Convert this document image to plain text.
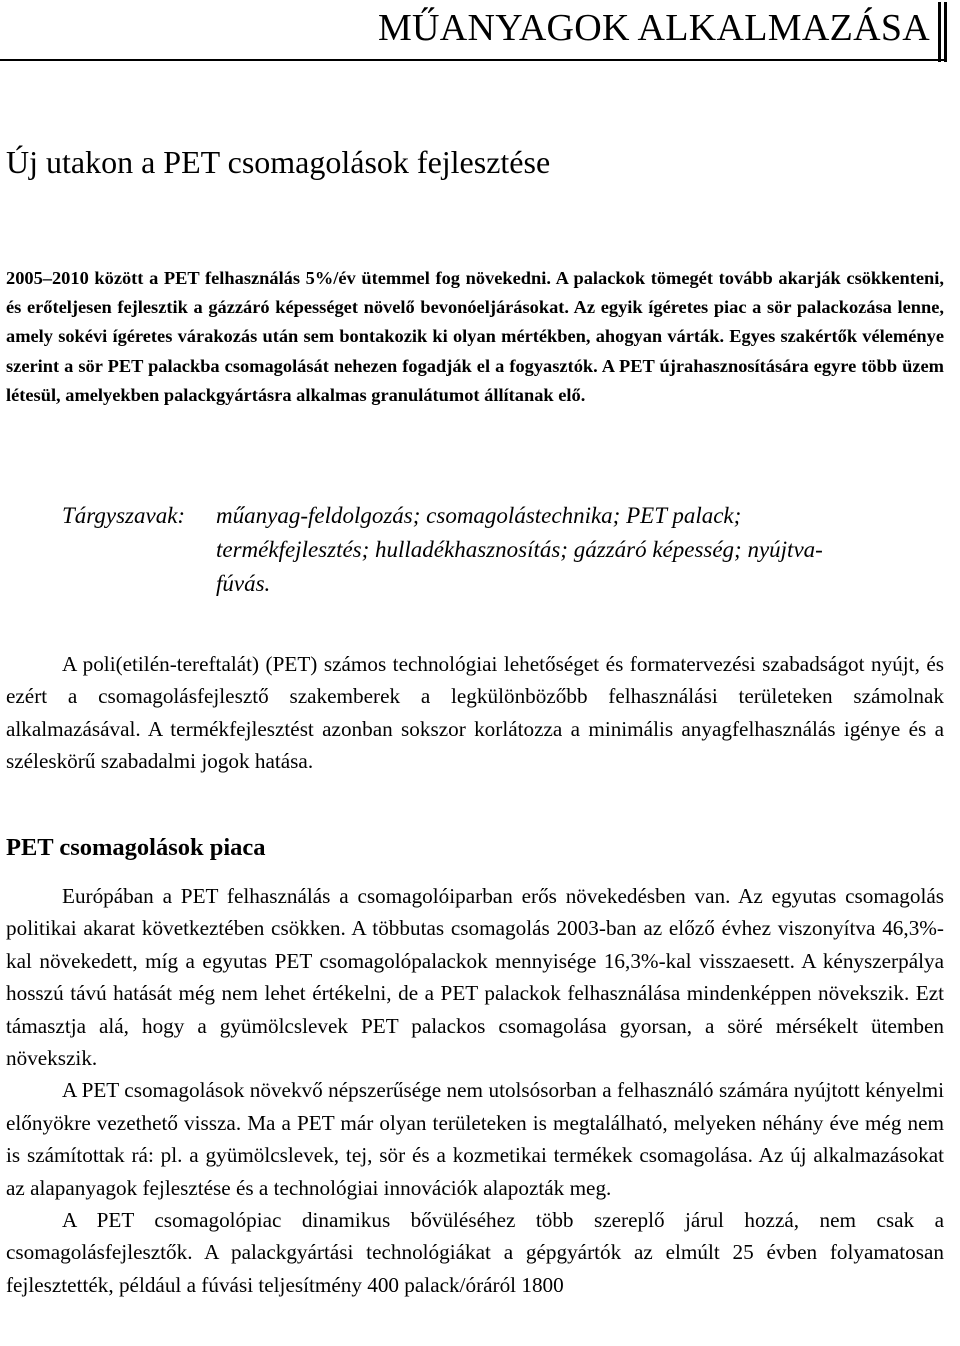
MŰANYAGOK ALKALMAZÁSA
Új utakon a PET csomagolások fejlesztése

2005–2010 között a PET felhasználás 5%/év ütemmel fog növekedni. A palackok tömegét tovább akarják csökkenteni, és erőteljesen fejlesztik a gázzáró képességet növelő bevonóeljárásokat. Az egyik ígéretes piac a sör palackozása lenne, amely sokévi ígéretes várakozás után sem bontakozik ki olyan mértékben, ahogyan várták. Egyes szakértők véleménye szerint a sör PET palackba csomagolását nehezen fogadják el a fogyasztók. A PET újrahasznosítására egyre több üzem létesül, amelyekben palackgyártásra alkalmas granulátumot állítanak elő.

Tárgyszavak: műanyag-feldolgozás; csomagolástechnika; PET palack; termékfejlesztés; hulladékhasznosítás; gázzáró képesség; nyújtva-fúvás.

A poli(etilén-tereftalát) (PET) számos technológiai lehetőséget és formatervezési szabadságot nyújt, és ezért a csomagolásfejlesztő szakemberek a legkülönbözőbb felhasználási területeken számolnak alkalmazásával. A termékfejlesztést azonban sokszor korlátozza a minimális anyagfelhasználás igénye és a széleskörű szabadalmi jogok hatása.

PET csomagolások piaca

Európában a PET felhasználás a csomagolóiparban erős növekedésben van. Az egyutas csomagolás politikai akarat következtében csökken. A többutas csomagolás 2003-ban az előző évhez viszonyítva 46,3%-kal növekedett, míg a egyutas PET csomagolópalackok mennyisége 16,3%-kal visszaesett. A kényszerpálya hosszú távú hatását még nem lehet értékelni, de a PET palackok felhasználása mindenképpen növekszik. Ezt támasztja alá, hogy a gyümölcslevek PET palackos csomagolása gyorsan, a söré mérsékelt ütemben növekszik.

A PET csomagolások növekvő népszerűsége nem utolsósorban a felhasználó számára nyújtott kényelmi előnyökre vezethető vissza. Ma a PET már olyan területeken is megtalálható, melyeken néhány éve még nem is számítottak rá: pl. a gyümölcslevek, tej, sör és a kozmetikai termékek csomagolása. Az új alkalmazásokat az alapanyagok fejlesztése és a technológiai innovációk alapozták meg.

A PET csomagolópiac dinamikus bővüléséhez több szereplő járul hozzá, nem csak a csomagolásfejlesztők. A palackgyártási technológiákat a gépgyártók az elmúlt 25 évben folyamatosan fejlesztették, például a fúvási teljesítmény 400 palack/óráról 1800
